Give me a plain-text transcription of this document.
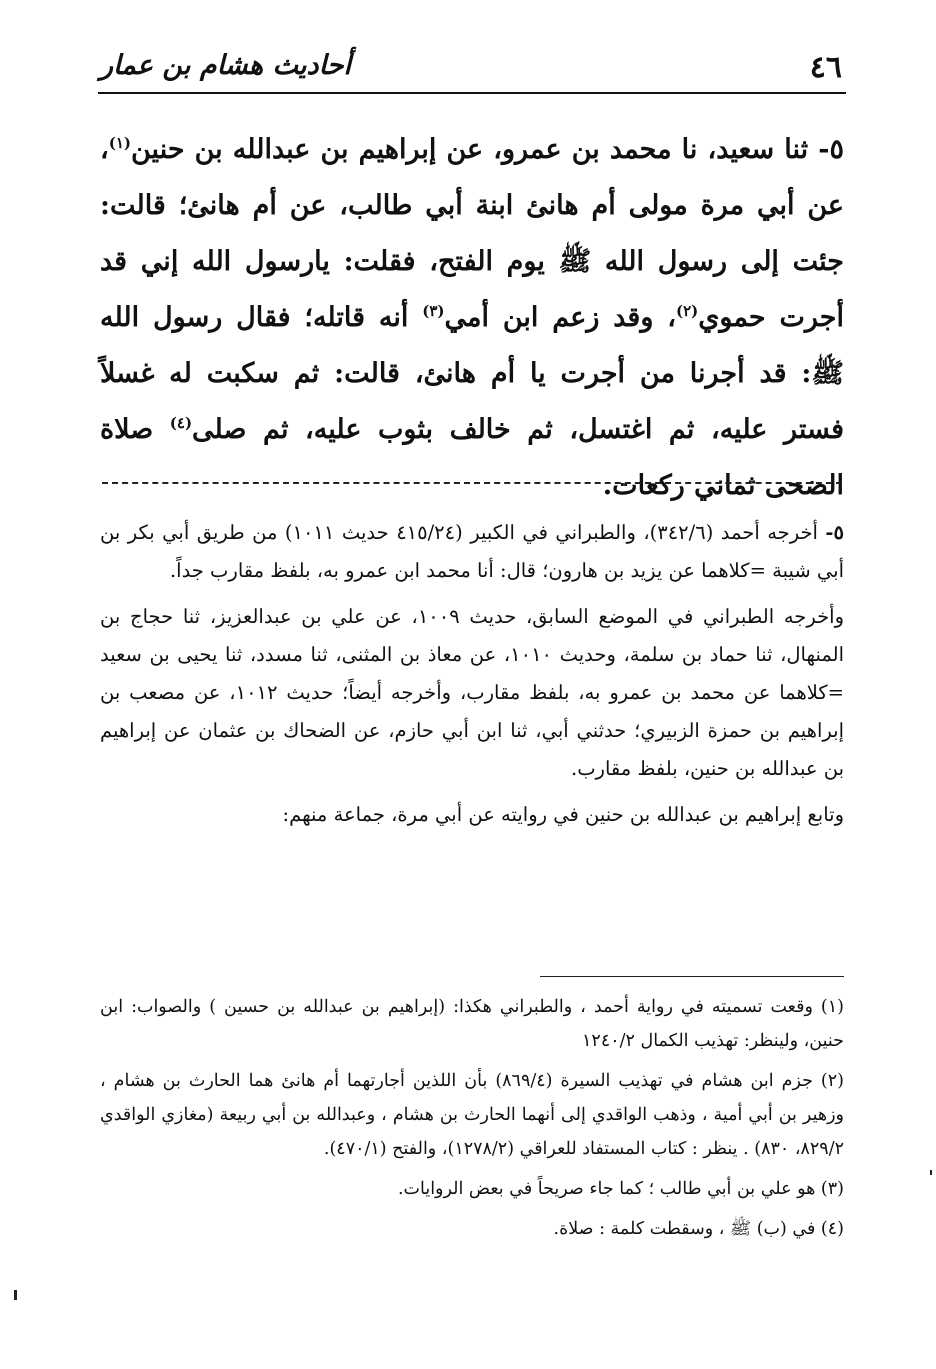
٤٦
أحاديث هشام بن عمار

٥- ثنا سعيد، نا محمد بن عمرو، عن إبراهيم بن عبدالله بن حنين$^{(١)}$، عن أبي مرة مولى أم هانئ ابنة أبي طالب، عن أم هانئ؛ قالت: جئت إلى رسول الله ﷺ يوم الفتح، فقلت: يارسول الله إني قد أجرت حموي$^{(٢)}$، وقد زعم ابن أمي$^{(٣)}$ أنه قاتله؛ فقال رسول الله ﷺ: قد أجرنا من أجرت يا أم هانئ، قالت: ثم سكبت له غسلاً فستر عليه، ثم اغتسل، ثم خالف بثوب عليه، ثم صلى$^{(٤)}$ صلاة الضحى ثماني ركعات.

٥- أخرجه أحمد (٣٤٢/٦)، والطبراني في الكبير (٤١٥/٢٤ حديث ١٠١١) من طريق أبي بكر بن أبي شيبة =كلاهما عن يزيد بن هارون؛ قال: أنا محمد ابن عمرو به، بلفظ مقارب جداً.

وأخرجه الطبراني في الموضع السابق، حديث ١٠٠٩، عن علي بن عبدالعزيز، ثنا حجاج بن المنهال، ثنا حماد بن سلمة، وحديث ١٠١٠، عن معاذ بن المثنى، ثنا مسدد، ثنا يحيى بن سعيد =كلاهما عن محمد بن عمرو به، بلفظ مقارب، وأخرجه أيضاً؛ حديث ١٠١٢، عن مصعب بن إبراهيم بن حمزة الزبيري؛ حدثني أبي، ثنا ابن أبي حازم، عن الضحاك بن عثمان عن إبراهيم بن عبدالله بن حنين، بلفظ مقارب.

وتابع إبراهيم بن عبدالله بن حنين في روايته عن أبي مرة، جماعة منهم:

(١) وقعت تسميته في رواية أحمد ، والطبراني هكذا: (إبراهيم بن عبدالله بن حسين ) والصواب: ابن حنين، ولينظر: تهذيب الكمال ١٢٤٠/٢

(٢) جزم ابن هشام في تهذيب السيرة (٨٦٩/٤) بأن اللذين أجارتهما أم هانئ هما الحارث بن هشام ، وزهير بن أبي أمية ، وذهب الواقدي إلى أنهما الحارث بن هشام ، وعبدالله بن أبي ربيعة (مغازي الواقدي ٨٢٩/٢، ٨٣٠) . ينظر : كتاب المستفاد للعراقي (١٢٧٨/٢)، والفتح (٤٧٠/١).

(٣) هو علي بن أبي طالب ؛ كما جاء صريحاً في بعض الروايات.

(٤) في (ب) ﷺ ، وسقطت كلمة : صلاة.
